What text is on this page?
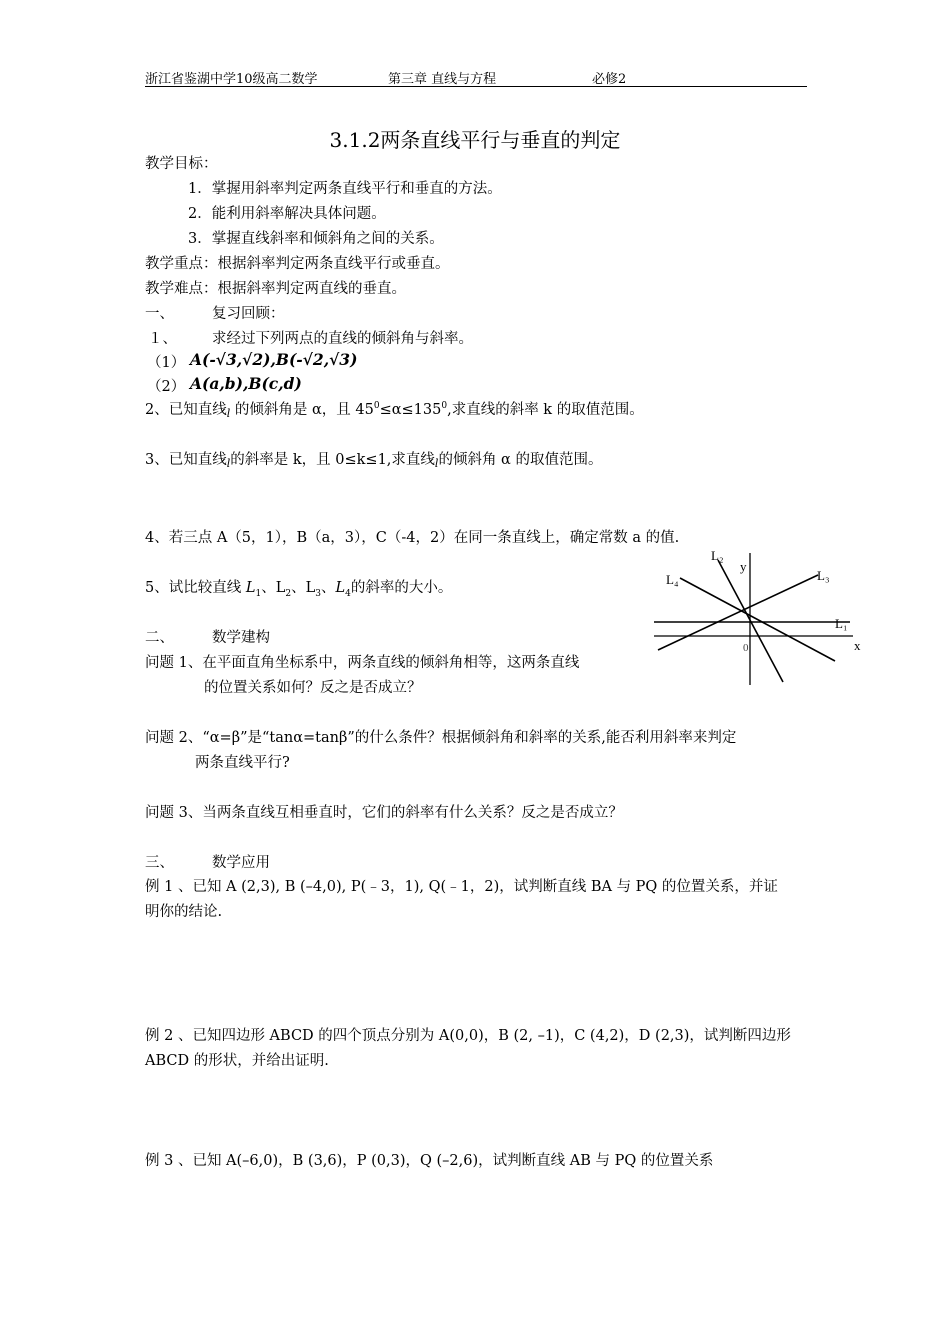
浙江省鉴湖中学10级高二数学	第三章 直线与方程	必修2
3.1.2两条直线平行与垂直的判定
教学目标：
1．掌握用斜率判定两条直线平行和垂直的方法。
2．能利用斜率解决具体问题。
3．掌握直线斜率和倾斜角之间的关系。
教学重点：根据斜率判定两条直线平行或垂直。
教学难点：根据斜率判定两直线的垂直。
一、	复习回顾：
１、 求经过下列两点的直线的倾斜角与斜率。
（1） A(-√3,√2),B(-√2,√3)
（2） A(a,b),B(c,d)
2、已知直线$_l$ 的倾斜角是 α，且 $45^0\le\alpha\le 135^0$,求直线的斜率 k 的取值范围。
3、已知直线$_l$的斜率是 k，且 0≤k≤1,求直线$_l$的倾斜角 α 的取值范围。
4、若三点 A（5，1），B（a，3），C（-4，2）在同一条直线上，确定常数 a 的值.
5、试比较直线 $L_1$、$L_2$、$L_3$、$L_4$的斜率的大小。
L₁
L₂
L₃
L₄
x
y
0
二、	数学建构
问题 1、在平面直角坐标系中，两条直线的倾斜角相等，这两条直线
的位置关系如何？反之是否成立？
问题 2、“α=β”是“tanα=tanβ”的什么条件？根据倾斜角和斜率的关系,能否利用斜率来判定
两条直线平行?
问题 3、当两条直线互相垂直时，它们的斜率有什么关系？反之是否成立？
三、	数学应用
例 1 、已知 A (2,3), B (–4,0), P(﹣3，1), Q(﹣1，2)，试判断直线 BA 与 PQ 的位置关系，并证
明你的结论.
例 2 、已知四边形 ABCD 的四个顶点分别为 A(0,0)，B (2, –1)，C (4,2)，D (2,3)，试判断四边形
ABCD 的形状，并给出证明.
例 3 、已知 A(–6,0)，B (3,6)，P (0,3)，Q (–2,6)，试判断直线 AB 与 PQ 的位置关系
